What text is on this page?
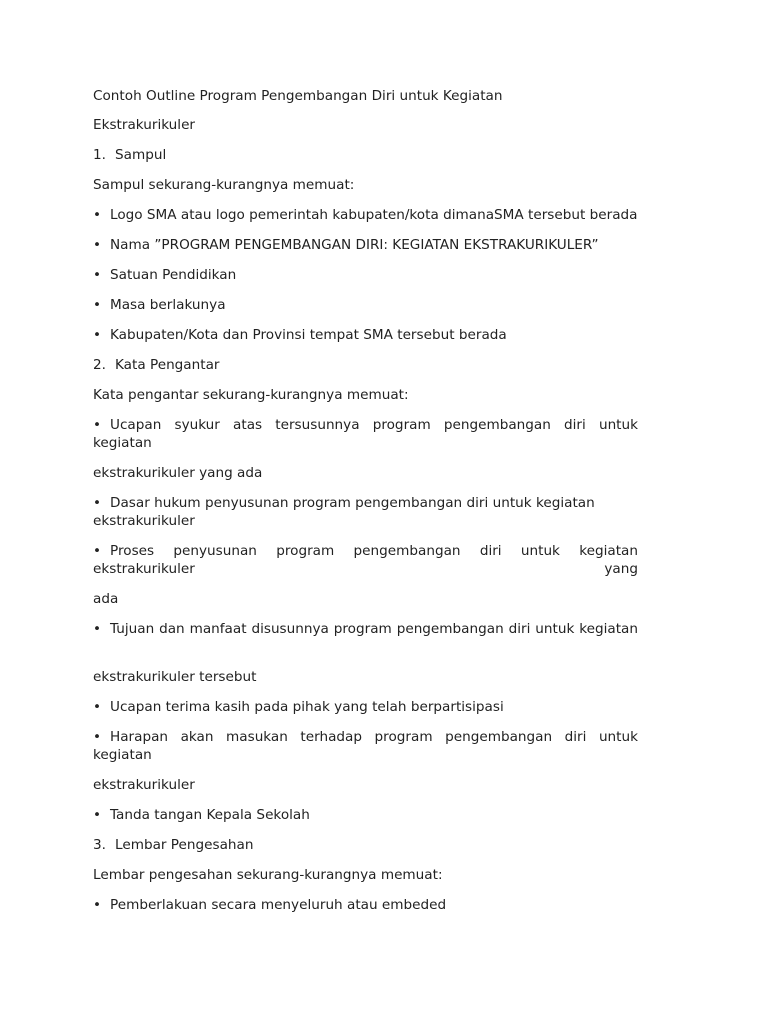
Contoh Outline Program Pengembangan Diri untuk Kegiatan
Ekstrakurikuler
1. Sampul
Sampul sekurang-kurangnya memuat:
• Logo SMA atau logo pemerintah kabupaten/kota dimanaSMA tersebut berada
• Nama ”PROGRAM PENGEMBANGAN DIRI: KEGIATAN EKSTRAKURIKULER”
• Satuan Pendidikan
• Masa berlakunya
• Kabupaten/Kota dan Provinsi tempat SMA tersebut berada
2. Kata Pengantar
Kata pengantar sekurang-kurangnya memuat:
• Ucapan syukur atas tersusunnya program pengembangan diri untuk kegiatan
ekstrakurikuler yang ada
• Dasar hukum penyusunan program pengembangan diri untuk kegiatan ekstrakurikuler
• Proses penyusunan program pengembangan diri untuk kegiatan ekstrakurikuler yang
ada
• Tujuan dan manfaat disusunnya program pengembangan diri untuk kegiatan
ekstrakurikuler tersebut
• Ucapan terima kasih pada pihak yang telah berpartisipasi
• Harapan akan masukan terhadap program pengembangan diri untuk kegiatan
ekstrakurikuler
• Tanda tangan Kepala Sekolah
3. Lembar Pengesahan
Lembar pengesahan sekurang-kurangnya memuat:
• Pemberlakuan secara menyeluruh atau embeded
